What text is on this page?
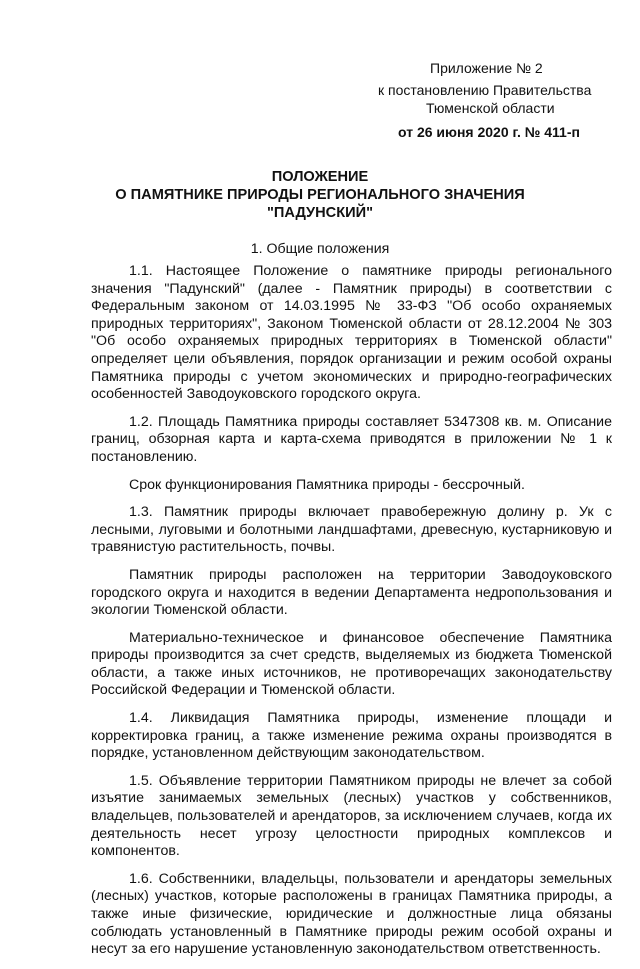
Приложение № 2
к постановлению Правительства
Тюменской области
от 26 июня 2020 г. № 411-п
ПОЛОЖЕНИЕ
О ПАМЯТНИКЕ ПРИРОДЫ РЕГИОНАЛЬНОГО ЗНАЧЕНИЯ
"ПАДУНСКИЙ"
1. Общие положения

1.1. Настоящее Положение о памятнике природы регионального значения "Падунский" (далее - Памятник природы) в соответствии с Федеральным законом от 14.03.1995 № 33-ФЗ "Об особо охраняемых природных территориях", Законом Тюменской области от 28.12.2004 № 303 "Об особо охраняемых природных территориях в Тюменской области" определяет цели объявления, порядок организации и режим особой охраны Памятника природы с учетом экономических и природно-географических особенностей Заводоуковского городского округа.

1.2. Площадь Памятника природы составляет 5347308 кв. м. Описание границ, обзорная карта и карта-схема приводятся в приложении № 1 к постановлению.

Срок функционирования Памятника природы - бессрочный.

1.3. Памятник природы включает правобережную долину р. Ук с лесными, луговыми и болотными ландшафтами, древесную, кустарниковую и травянистую растительность, почвы.

Памятник природы расположен на территории Заводоуковского городского округа и находится в ведении Департамента недропользования и экологии Тюменской области.

Материально-техническое и финансовое обеспечение Памятника природы производится за счет средств, выделяемых из бюджета Тюменской области, а также иных источников, не противоречащих законодательству Российской Федерации и Тюменской области.

1.4. Ликвидация Памятника природы, изменение площади и корректировка границ, а также изменение режима охраны производятся в порядке, установленном действующим законодательством.

1.5. Объявление территории Памятником природы не влечет за собой изъятие занимаемых земельных (лесных) участков у собственников, владельцев, пользователей и арендаторов, за исключением случаев, когда их деятельность несет угрозу целостности природных комплексов и компонентов.

1.6. Собственники, владельцы, пользователи и арендаторы земельных (лесных) участков, которые расположены в границах Памятника природы, а также иные физические, юридические и должностные лица обязаны соблюдать установленный в Памятнике природы режим особой охраны и несут за его нарушение установленную законодательством ответственность.
